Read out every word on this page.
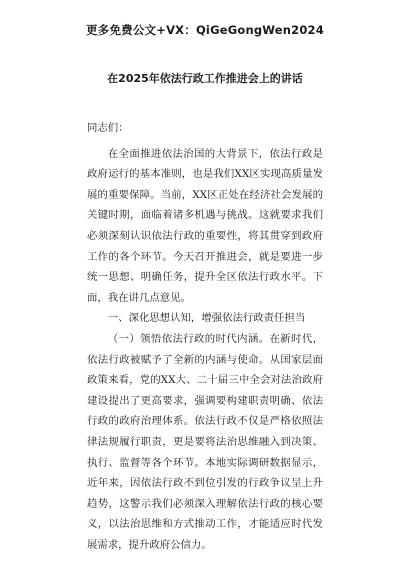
更多免费公文+VX：QiGeGongWen2024
在2025年依法行政工作推进会上的讲话

同志们：

在全面推进依法治国的大背景下，依法行政是政府运行的基本准则，也是我们XX区实现高质量发展的重要保障。当前，XX区正处在经济社会发展的关键时期，面临着诸多机遇与挑战。这就要求我们必须深刻认识依法行政的重要性，将其贯穿到政府工作的各个环节。今天召开推进会，就是要进一步统一思想、明确任务，提升全区依法行政水平。下面，我在讲几点意见。

一、深化思想认知，增强依法行政责任担当

（一）领悟依法行政的时代内涵。在新时代，依法行政被赋予了全新的内涵与使命。从国家层面政策来看，党的XX大、二十届三中全会对法治政府建设提出了更高要求，强调要构建职责明确、依法行政的政府治理体系。依法行政不仅是严格依照法律法规履行职责，更是要将法治思维融入到决策、执行、监督等各个环节。本地实际调研数据显示，近年来，因依法行政不到位引发的行政争议呈上升趋势，这警示我们必须深入理解依法行政的核心要义，以法治思维和方式推动工作，才能适应时代发展需求，提升政府公信力。
